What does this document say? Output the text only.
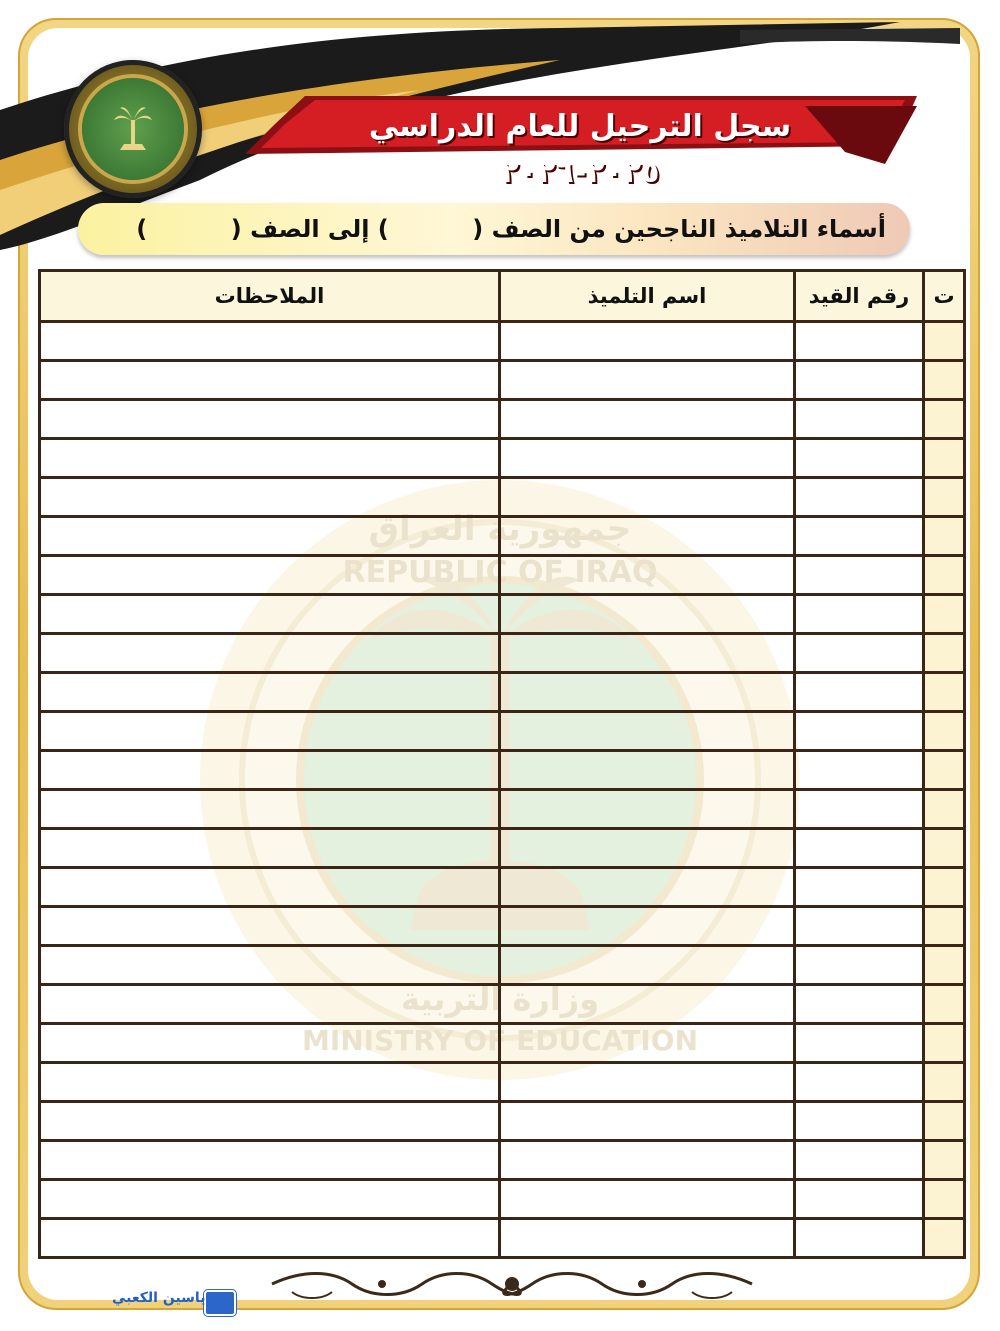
سجل الترحيل للعام الدراسي ٢٠٢٥-٢٠٢٦
أسماء التلاميذ الناجحين من الصف (          ) إلى الصف (          )
جمهورية العراق
REPUBLIC OF IRAQ
وزارة التربية
MINISTRY OF EDUCATION
ت	رقم القيد	اسم التلميذ	الملاحظات

ياسين الكعبي
